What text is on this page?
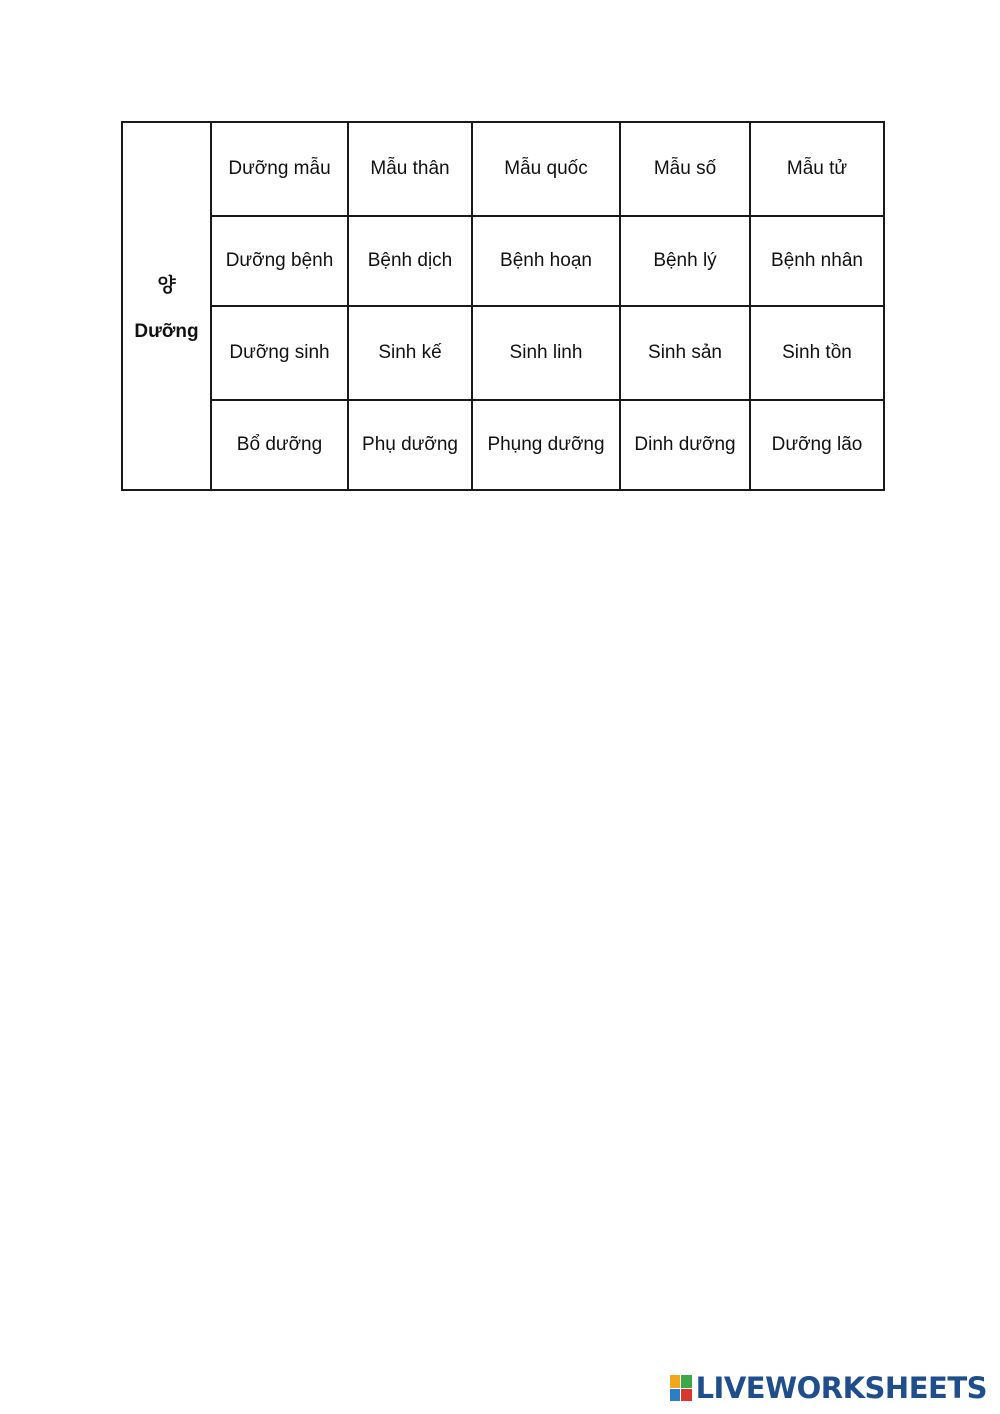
양
Dưỡng	Dưỡng mẫu	Mẫu thân	Mẫu quốc	Mẫu số	Mẫu tử
	Dưỡng bệnh	Bệnh dịch	Bệnh hoạn	Bệnh lý	Bệnh nhân
	Dưỡng sinh	Sinh kế	Sinh linh	Sinh sản	Sinh tồn
	Bổ dưỡng	Phụ dưỡng	Phụng dưỡng	Dinh dưỡng	Dưỡng lão
LIVEWORKSHEETS
